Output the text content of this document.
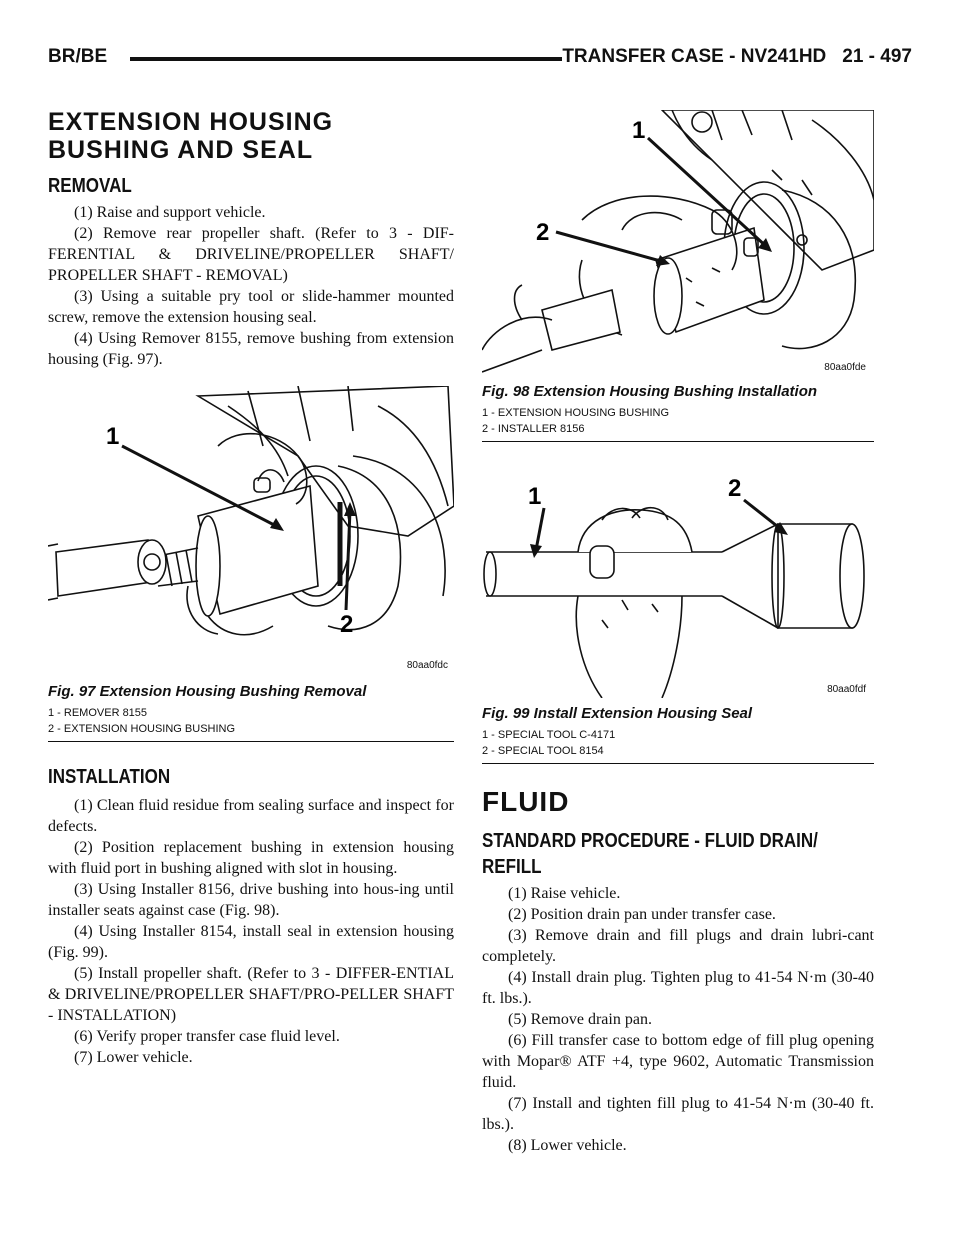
BR/BE	TRANSFER CASE - NV241HD 21 - 497
EXTENSION HOUSING
BUSHING AND SEAL
REMOVAL

(1) Raise and support vehicle.

(2) Remove rear propeller shaft. (Refer to 3 - DIF-FERENTIAL & DRIVELINE/PROPELLER SHAFT/ PROPELLER SHAFT - REMOVAL)

(3) Using a suitable pry tool or slide-hammer mounted screw, remove the extension housing seal.

(4) Using Remover 8155, remove bushing from extension housing (Fig. 97).

1
2
80aa0fdc
Fig. 97 Extension Housing Bushing Removal
1 - REMOVER 8155
2 - EXTENSION HOUSING BUSHING
INSTALLATION

(1) Clean fluid residue from sealing surface and inspect for defects.

(2) Position replacement bushing in extension housing with fluid port in bushing aligned with slot in housing.

(3) Using Installer 8156, drive bushing into hous-ing until installer seats against case (Fig. 98).

(4) Using Installer 8154, install seal in extension housing (Fig. 99).

(5) Install propeller shaft. (Refer to 3 - DIFFER-ENTIAL & DRIVELINE/PROPELLER SHAFT/PRO-PELLER SHAFT - INSTALLATION)

(6) Verify proper transfer case fluid level.

(7) Lower vehicle.

1
2
80aa0fde
Fig. 98 Extension Housing Bushing Installation
1 - EXTENSION HOUSING BUSHING
2 - INSTALLER 8156
1	2
80aa0fdf
Fig. 99 Install Extension Housing Seal
1 - SPECIAL TOOL C-4171
2 - SPECIAL TOOL 8154
FLUID
STANDARD PROCEDURE - FLUID DRAIN/
REFILL

(1) Raise vehicle.

(2) Position drain pan under transfer case.

(3) Remove drain and fill plugs and drain lubri-cant completely.

(4) Install drain plug. Tighten plug to 41-54 N·m (30-40 ft. lbs.).

(5) Remove drain pan.

(6) Fill transfer case to bottom edge of fill plug opening with Mopar® ATF +4, type 9602, Automatic Transmission fluid.

(7) Install and tighten fill plug to 41-54 N·m (30-40 ft. lbs.).

(8) Lower vehicle.
